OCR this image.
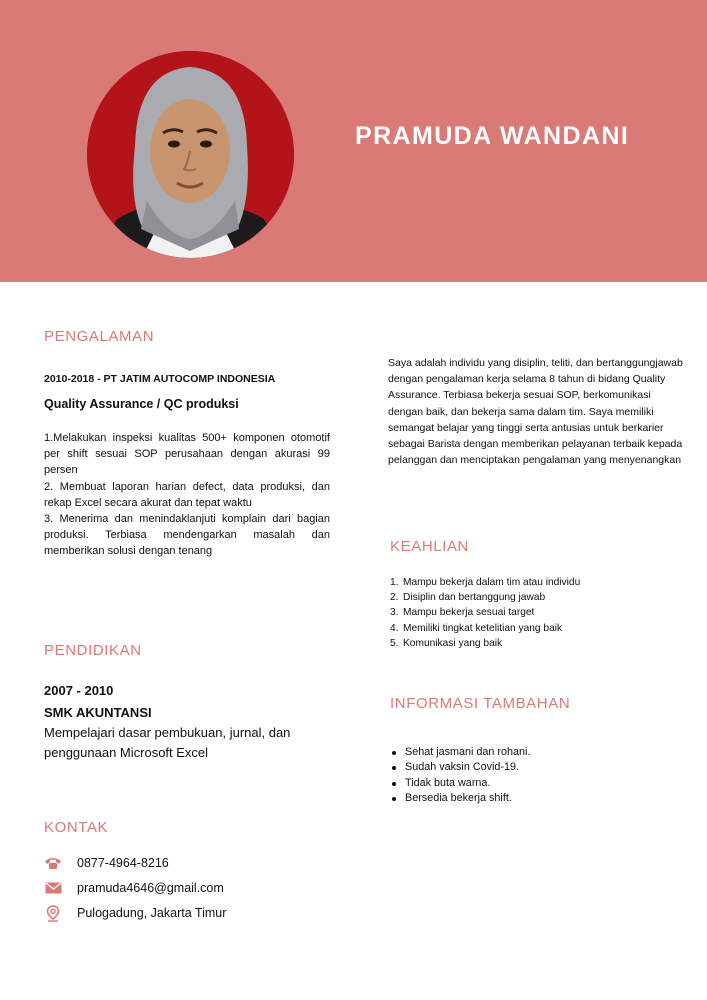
PRAMUDA WANDANI
PENGALAMAN
2010-2018 - PT JATIM AUTOCOMP INDONESIA
Quality Assurance / QC produksi

1.Melakukan inspeksi kualitas 500+ komponen otomotif per shift sesuai SOP perusahaan dengan akurasi 99 persen

2. Membuat laporan harian defect, data produksi, dan rekap Excel secara akurat dan tepat waktu

3. Menerima dan menindaklanjuti komplain dari bagian produksi. Terbiasa mendengarkan masalah dan memberikan solusi dengan tenang

PENDIDIKAN
2007 - 2010
SMK AKUNTANSI
Mempelajari dasar pembukuan, jurnal, dan penggunaan Microsoft Excel
KONTAK
0877-4964-8216
pramuda4646@gmail.com
Pulogadung, Jakarta Timur
Saya adalah individu yang disiplin, teliti, dan bertanggungjawab dengan pengalaman kerja selama 8 tahun di bidang Quality Assurance. Terbiasa bekerja sesuai SOP, berkomunikasi dengan baik, dan bekerja sama dalam tim. Saya memiliki semangat belajar yang tinggi serta antusias untuk berkarier sebagai Barista dengan memberikan pelayanan terbaik kepada pelanggan dan menciptakan pengalaman yang menyenangkan
KEAHLIAN
1. Mampu bekerja dalam tim atau individu
2. Disiplin dan bertanggung jawab
3. Mampu bekerja sesuai target
4. Memiliki tingkat ketelitian yang baik
5. Komunikasi yang baik
INFORMASI TAMBAHAN
Sehat jasmani dan rohani.
Sudah vaksin Covid-19.
Tidak buta warna.
Bersedia bekerja shift.
